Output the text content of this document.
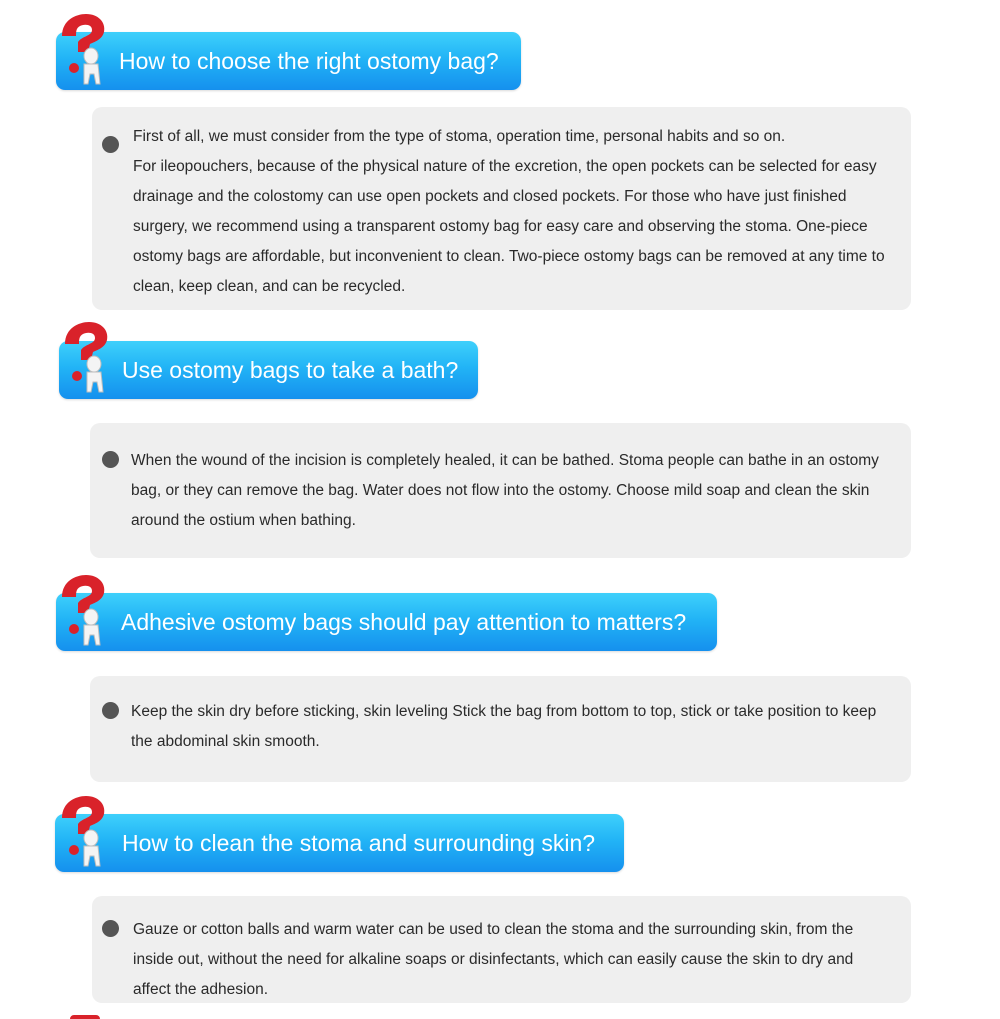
How to choose the right ostomy bag?
First of all, we must consider from the type of stoma, operation time, personal habits and so on.
For ileopouchers, because of the physical nature of the excretion, the open pockets can be selected for easy drainage and the colostomy can use open pockets and closed pockets. For those who have just finished surgery, we recommend using a transparent ostomy bag for easy care and observing the stoma. One-piece ostomy bags are affordable, but inconvenient to clean. Two-piece ostomy bags can be removed at any time to clean, keep clean, and can be recycled.
Use ostomy bags to take a bath?
When the wound of the incision is completely healed, it can be bathed. Stoma people can bathe in an ostomy bag, or they can remove the bag. Water does not flow into the ostomy. Choose mild soap and clean the skin around the ostium when bathing.
Adhesive ostomy bags should pay attention to matters?
Keep the skin dry before sticking, skin leveling Stick the bag from bottom to top, stick or take position to keep the abdominal skin smooth.
How to clean the stoma and surrounding skin?
Gauze or cotton balls and warm water can be used to clean the stoma and the surrounding skin, from the inside out, without the need for alkaline soaps or disinfectants, which can easily cause the skin to dry and affect the adhesion.
